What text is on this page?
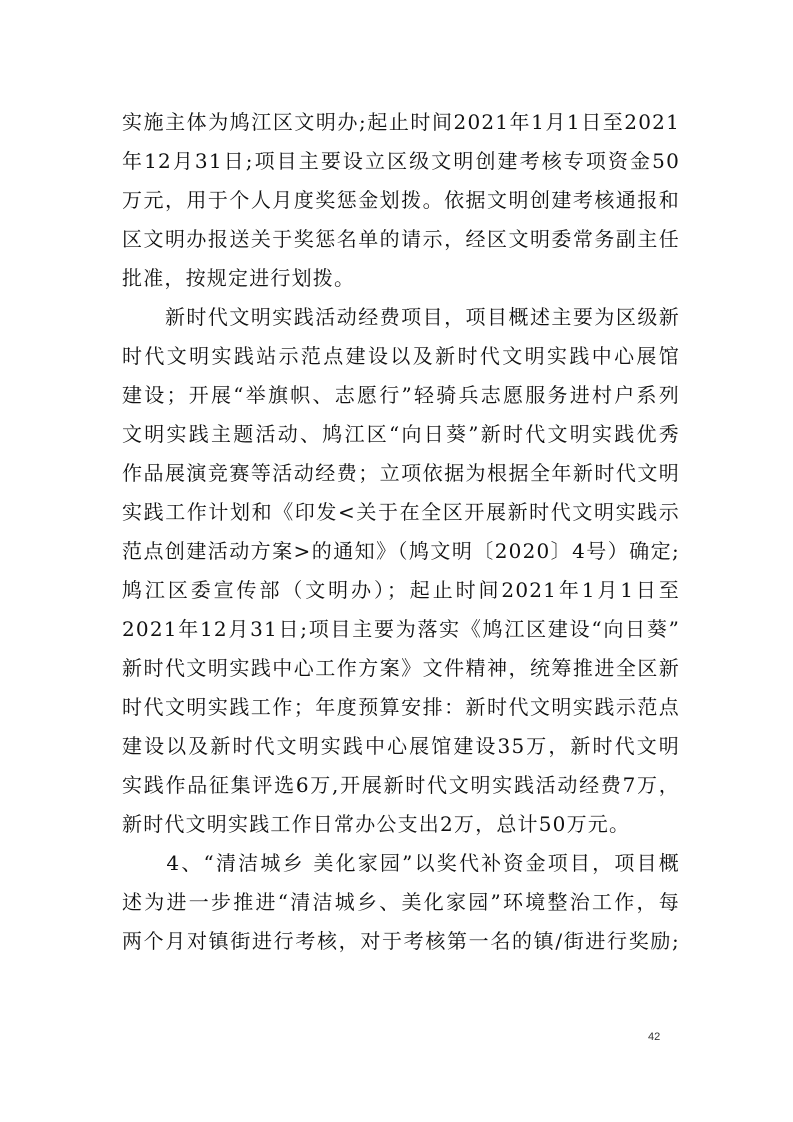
实施主体为鸠江区文明办;起止时间2021年1月1日至2021
年12月31日;项目主要设立区级文明创建考核专项资金50
万元，用于个人月度奖惩金划拨。依据文明创建考核通报和
区文明办报送关于奖惩名单的请示，经区文明委常务副主任
批准，按规定进行划拨。
　　新时代文明实践活动经费项目，项目概述主要为区级新
时代文明实践站示范点建设以及新时代文明实践中心展馆
建设；开展“举旗帜、志愿行”轻骑兵志愿服务进村户系列
文明实践主题活动、鸠江区“向日葵”新时代文明实践优秀
作品展演竞赛等活动经费；立项依据为根据全年新时代文明
实践工作计划和《印发<关于在全区开展新时代文明实践示
范点创建活动方案>的通知》（鸠文明〔2020〕4号）确定;
鸠江区委宣传部（文明办）；起止时间2021年1月1日至
2021年12月31日;项目主要为落实《鸠江区建设“向日葵”
新时代文明实践中心工作方案》文件精神，统筹推进全区新
时代文明实践工作；年度预算安排：新时代文明实践示范点
建设以及新时代文明实践中心展馆建设35万，新时代文明
实践作品征集评选6万,开展新时代文明实践活动经费7万，
新时代文明实践工作日常办公支出2万，总计50万元。
　　4、“清洁城乡 美化家园”以奖代补资金项目，项目概
述为进一步推进“清洁城乡、美化家园”环境整治工作，每
两个月对镇街进行考核，对于考核第一名的镇/街进行奖励;
42
